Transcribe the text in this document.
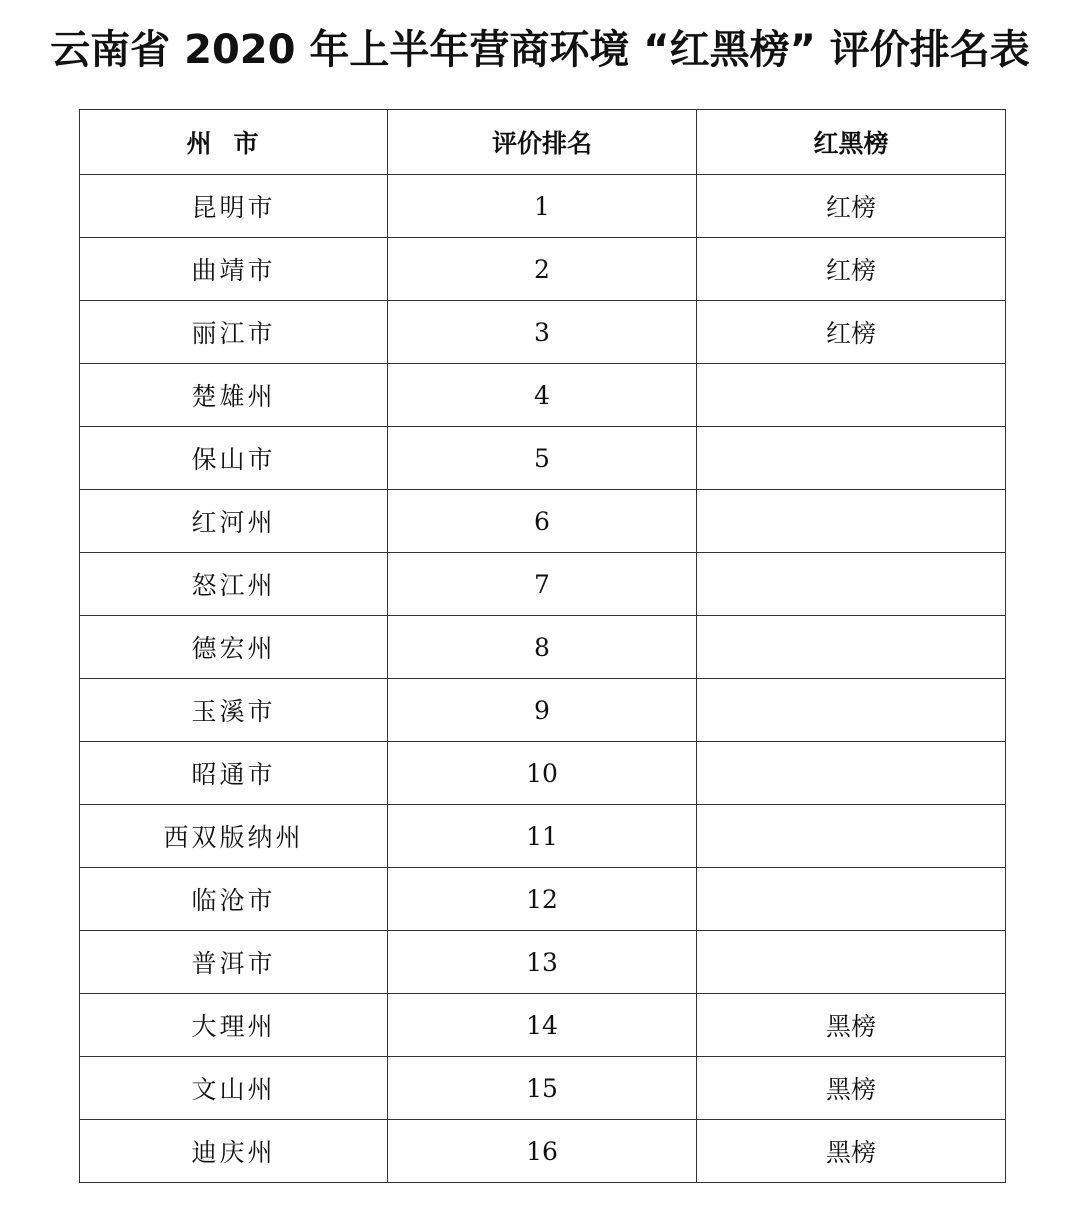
云南省 2020 年上半年营商环境 “红黑榜” 评价排名表
州市	评价排名	红黑榜
昆明市	1	红榜
曲靖市	2	红榜
丽江市	3	红榜
楚雄州	4	
保山市	5	
红河州	6	
怒江州	7	
德宏州	8	
玉溪市	9	
昭通市	10	
西双版纳州	11	
临沧市	12	
普洱市	13	
大理州	14	黑榜
文山州	15	黑榜
迪庆州	16	黑榜
